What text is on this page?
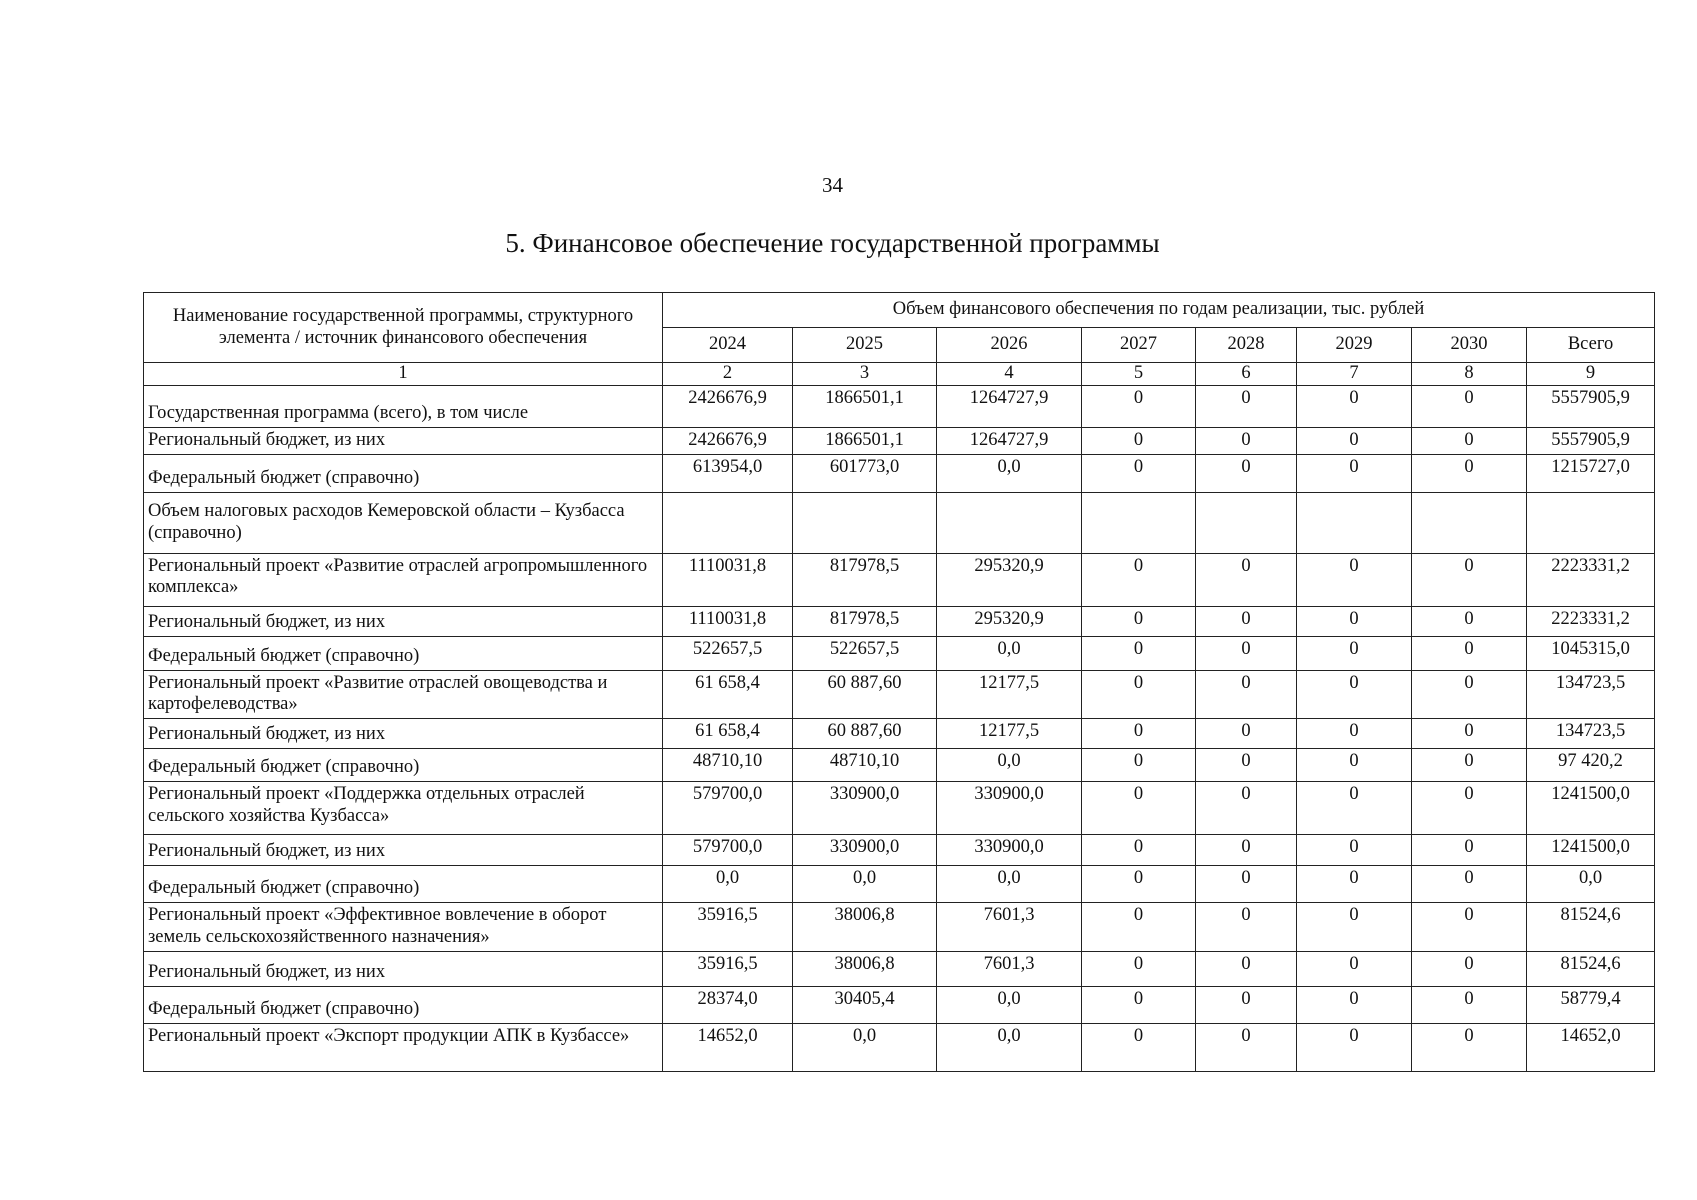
34
5. Финансовое обеспечение государственной программы
Наименование государственной программы, структурного элемента / источник финансового обеспечения	Объем финансового обеспечения по годам реализации, тыс. рублей							
	2024	2025	2026	2027	2028	2029	2030	Всего
1	2	3	4	5	6	7	8	9
Государственная программа (всего), в том числе	2426676,9	1866501,1	1264727,9	0	0	0	0	5557905,9
Региональный бюджет, из них	2426676,9	1866501,1	1264727,9	0	0	0	0	5557905,9
Федеральный бюджет (справочно)	613954,0	601773,0	0,0	0	0	0	0	1215727,0
Объем налоговых расходов Кемеровской области – Кузбасса (справочно)								
Региональный проект «Развитие отраслей агропромышленного комплекса»	1110031,8	817978,5	295320,9	0	0	0	0	2223331,2
Региональный бюджет, из них	1110031,8	817978,5	295320,9	0	0	0	0	2223331,2
Федеральный бюджет (справочно)	522657,5	522657,5	0,0	0	0	0	0	1045315,0
Региональный проект «Развитие отраслей овощеводства и картофелеводства»	61 658,4	60 887,60	12177,5	0	0	0	0	134723,5
Региональный бюджет, из них	61 658,4	60 887,60	12177,5	0	0	0	0	134723,5
Федеральный бюджет (справочно)	48710,10	48710,10	0,0	0	0	0	0	97 420,2
Региональный проект «Поддержка отдельных отраслей сельского хозяйства Кузбасса»	579700,0	330900,0	330900,0	0	0	0	0	1241500,0
Региональный бюджет, из них	579700,0	330900,0	330900,0	0	0	0	0	1241500,0
Федеральный бюджет (справочно)	0,0	0,0	0,0	0	0	0	0	0,0
Региональный проект «Эффективное вовлечение в оборот земель сельскохозяйственного назначения»	35916,5	38006,8	7601,3	0	0	0	0	81524,6
Региональный бюджет, из них	35916,5	38006,8	7601,3	0	0	0	0	81524,6
Федеральный бюджет (справочно)	28374,0	30405,4	0,0	0	0	0	0	58779,4
Региональный проект «Экспорт продукции АПК в Кузбассе»	14652,0	0,0	0,0	0	0	0	0	14652,0
